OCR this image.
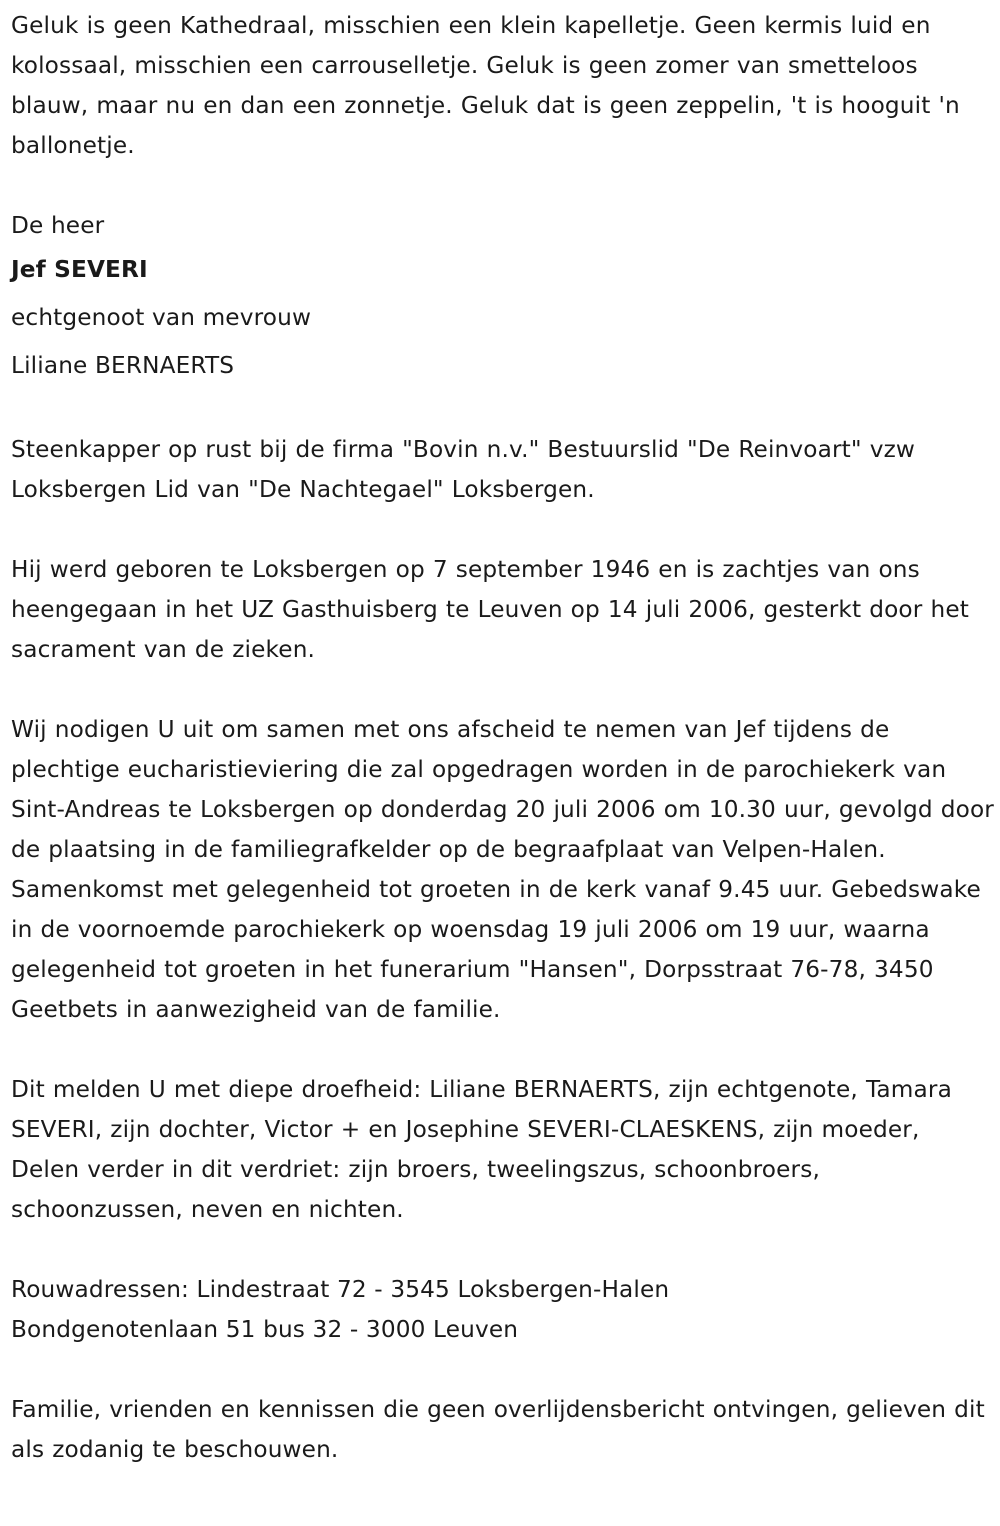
Geluk is geen Kathedraal, misschien een klein kapelletje. Geen kermis luid en kolossaal, misschien een carrouselletje. Geluk is geen zomer van smetteloos blauw, maar nu en dan een zonnetje. Geluk dat is geen zeppelin, 't is hooguit 'n ballonetje.

De heer
Jef SEVERI
echtgenoot van mevrouw
Liliane BERNAERTS

Steenkapper op rust bij de firma "Bovin n.v." Bestuurslid "De Reinvoart" vzw Loksbergen Lid van "De Nachtegael" Loksbergen.

Hij werd geboren te Loksbergen op 7 september 1946 en is zachtjes van ons heengegaan in het UZ Gasthuisberg te Leuven op 14 juli 2006, gesterkt door het sacrament van de zieken.

Wij nodigen U uit om samen met ons afscheid te nemen van Jef tijdens de plechtige eucharistieviering die zal opgedragen worden in de parochiekerk van Sint-Andreas te Loksbergen op donderdag 20 juli 2006 om 10.30 uur, gevolgd door de plaatsing in de familiegrafkelder op de begraafplaat van Velpen-Halen. Samenkomst met gelegenheid tot groeten in de kerk vanaf 9.45 uur. Gebedswake in de voornoemde parochiekerk op woensdag 19 juli 2006 om 19 uur, waarna gelegenheid tot groeten in het funerarium "Hansen", Dorpsstraat 76-78, 3450 Geetbets in aanwezigheid van de familie.

Dit melden U met diepe droefheid: Liliane BERNAERTS, zijn echtgenote, Tamara SEVERI, zijn dochter, Victor + en Josephine SEVERI-CLAESKENS, zijn moeder, Delen verder in dit verdriet: zijn broers, tweelingszus, schoonbroers, schoonzussen, neven en nichten.

Rouwadressen: Lindestraat 72 - 3545 Loksbergen-Halen
Bondgenotenlaan 51 bus 32 - 3000 Leuven

Familie, vrienden en kennissen die geen overlijdensbericht ontvingen, gelieven dit als zodanig te beschouwen.
